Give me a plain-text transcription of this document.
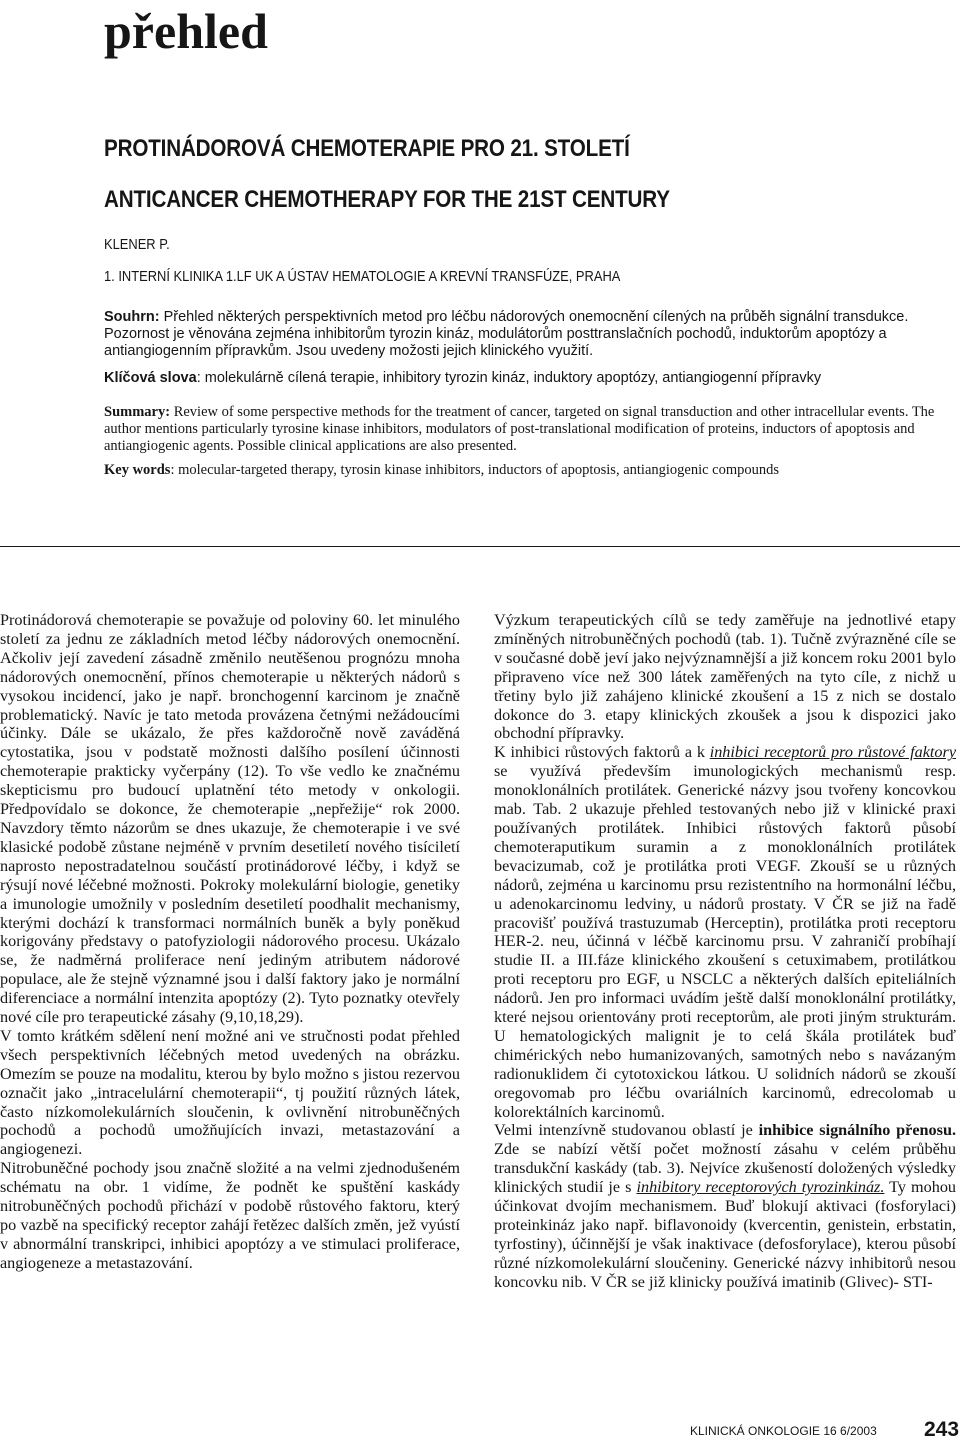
přehled
PROTINÁDOROVÁ CHEMOTERAPIE PRO 21. STOLETÍ
ANTICANCER CHEMOTHERAPY FOR THE 21ST CENTURY
KLENER P.
1. INTERNÍ KLINIKA 1.LF UK A ÚSTAV HEMATOLOGIE A KREVNÍ TRANSFÚZE, PRAHA

Souhrn: Přehled některých perspektivních metod pro léčbu nádorových onemocnění cílených na průběh signální transdukce. Pozornost je věnována zejména inhibitorům tyrozin kináz, modulátorům posttranslačních pochodů, induktorům apoptózy a antiangiogenním přípravkům. Jsou uvedeny možosti jejich klinického využití.

Klíčová slova: molekulárně cílená terapie, inhibitory tyrozin kináz, induktory apoptózy, antiangiogenní přípravky

Summary: Review of some perspective methods for the treatment of cancer, targeted on signal transduction and other intracellular events. The author mentions particularly tyrosine kinase inhibitors, modulators of post-translational modification of proteins, inductors of apoptosis and antiangiogenic agents. Possible clinical applications are also presented.

Key words: molecular-targeted therapy, tyrosin kinase inhibitors, inductors of apoptosis, antiangiogenic compounds

Protinádorová chemoterapie se považuje od poloviny 60. let minulého století za jednu ze základních metod léčby nádorových onemocnění. Ačkoliv její zavedení zásadně změnilo neutěšenou prognózu mnoha nádorových onemocnění, přínos chemoterapie u některých nádorů s vysokou incidencí, jako je např. bronchogenní karcinom je značně problematický. Navíc je tato metoda provázena četnými nežádoucími účinky. Dále se ukázalo, že přes každoročně nově zaváděná cytostatika, jsou v podstatě možnosti dalšího posílení účinnosti chemoterapie prakticky vyčerpány (12). To vše vedlo ke značnému skepticismu pro budoucí uplatnění této metody v onkologii. Předpovídalo se dokonce, že chemoterapie „nepřežije“ rok 2000. Navzdory těmto názorům se dnes ukazuje, že chemoterapie i ve své klasické podobě zůstane nejméně v prvním desetiletí nového tisíciletí naprosto nepostradatelnou součástí protinádorové léčby, i když se rýsují nové léčebné možnosti. Pokroky molekulární biologie, genetiky a imunologie umožnily v posledním desetiletí poodhalit mechanismy, kterými dochází k transformaci normálních buněk a byly poněkud korigovány představy o patofyziologii nádorového procesu. Ukázalo se, že nadměrná proliferace není jediným atributem nádorové populace, ale že stejně významné jsou i další faktory jako je normální diferenciace a normální intenzita apoptózy (2). Tyto poznatky otevřely nové cíle pro terapeutické zásahy (9,10,18,29).

V tomto krátkém sdělení není možné ani ve stručnosti podat přehled všech perspektivních léčebných metod uvedených na obrázku. Omezím se pouze na modalitu, kterou by bylo možno s jistou rezervou označit jako „intracelulární chemoterapii“, tj použití různých látek, často nízkomolekulárních sloučenin, k ovlivnění nitrobuněčných pochodů a pochodů umožňujících invazi, metastazování a angiogenezi.

Nitrobuněčné pochody jsou značně složité a na velmi zjednodušeném schématu na obr. 1 vidíme, že podnět ke spuštění kaskády nitrobuněčných pochodů přichází v podobě růstového faktoru, který po vazbě na specifický receptor zahájí řetězec dalších změn, jež vyústí v abnormální transkripci, inhibici apoptózy a ve stimulaci proliferace, angiogeneze a metastazování.

Výzkum terapeutických cílů se tedy zaměřuje na jednotlivé etapy zmíněných nitrobuněčných pochodů (tab. 1). Tučně zvýrazněné cíle se v současné době jeví jako nejvýznamnější a již koncem roku 2001 bylo připraveno více než 300 látek zaměřených na tyto cíle, z nichž u třetiny bylo již zahájeno klinické zkoušení a 15 z nich se dostalo dokonce do 3. etapy klinických zkoušek a jsou k dispozici jako obchodní přípravky.

K inhibici růstových faktorů a k inhibici receptorů pro růstové faktory se využívá především imunologických mechanismů resp. monoklonálních protilátek. Generické názvy jsou tvořeny koncovkou mab. Tab. 2 ukazuje přehled testovaných nebo již v klinické praxi používaných protilátek. Inhibici růstových faktorů působí chemoteraputikum suramin a z monoklonálních protilátek bevacizumab, což je protilátka proti VEGF. Zkouší se u různých nádorů, zejména u karcinomu prsu rezistentního na hormonální léčbu, u adenokarcinomu ledviny, u nádorů prostaty. V ČR se již na řadě pracovišť používá trastuzumab (Herceptin), protilátka proti receptoru HER-2. neu, účinná v léčbě karcinomu prsu. V zahraničí probíhají studie II. a III.fáze klinického zkoušení s cetuximabem, protilátkou proti receptoru pro EGF, u NSCLC a některých dalších epiteliálních nádorů. Jen pro informaci uvádím ještě další monoklonální protilátky, které nejsou orientovány proti receptorům, ale proti jiným strukturám. U hematologických malignit je to celá škála protilátek buď chimérických nebo humanizovaných, samotných nebo s navázaným radionuklidem či cytotoxickou látkou. U solidních nádorů se zkouší oregovomab pro léčbu ovariálních karcinomů, edrecolomab u kolorektálních karcinomů.

Velmi intenzívně studovanou oblastí je inhibice signálního přenosu. Zde se nabízí větší počet možností zásahu v celém průběhu transdukční kaskády (tab. 3). Nejvíce zkušeností doložených výsledky klinických studií je s inhibitory receptorových tyrozinkináz. Ty mohou účinkovat dvojím mechanismem. Buď blokují aktivaci (fosforylaci) proteinkináz jako např. biflavonoidy (kvercentin, genistein, erbstatin, tyrfostiny), účinnější je však inaktivace (defosforylace), kterou působí různé nízkomolekulární sloučeniny. Generické názvy inhibitorů nesou koncovku nib. V ČR se již klinicky používá imatinib (Glivec)- STI-

KLINICKÁ ONKOLOGIE 16 6/2003 243
